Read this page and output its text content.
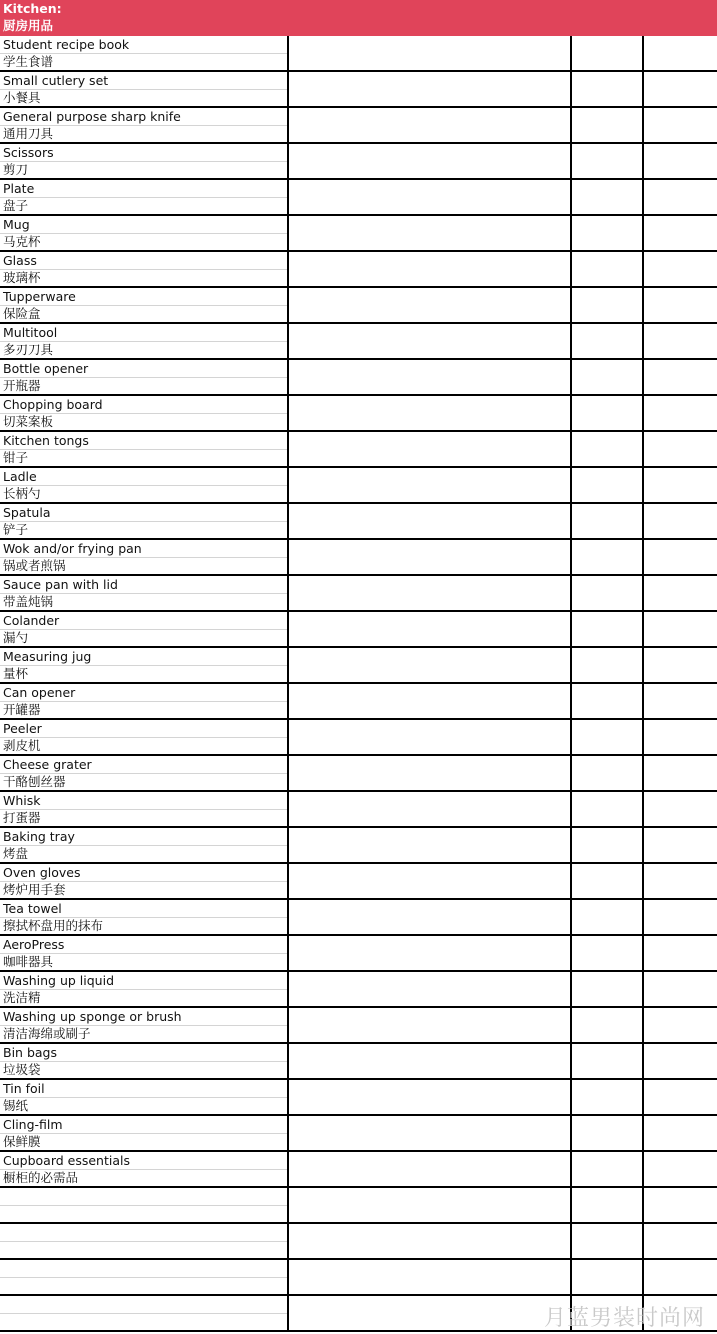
Kitchen:
厨房用品
Student recipe book
学生食谱
Small cutlery set
小餐具
General purpose sharp knife
通用刀具
Scissors
剪刀
Plate
盘子
Mug
马克杯
Glass
玻璃杯
Tupperware
保险盒
Multitool
多刃刀具
Bottle opener
开瓶器
Chopping board
切菜案板
Kitchen tongs
钳子
Ladle
长柄勺
Spatula
铲子
Wok and/or frying pan
锅或者煎锅
Sauce pan with lid
带盖炖锅
Colander
漏勺
Measuring jug
量杯
Can opener
开罐器
Peeler
剥皮机
Cheese grater
干酪刨丝器
Whisk
打蛋器
Baking tray
烤盘
Oven gloves
烤炉用手套
Tea towel
擦拭杯盘用的抹布
AeroPress
咖啡器具
Washing up liquid
洗洁精
Washing up sponge or brush
清洁海绵或刷子
Bin bags
垃圾袋
Tin foil
锡纸
Cling-film
保鲜膜
Cupboard essentials
橱柜的必需品
月蓝男装时尚网
